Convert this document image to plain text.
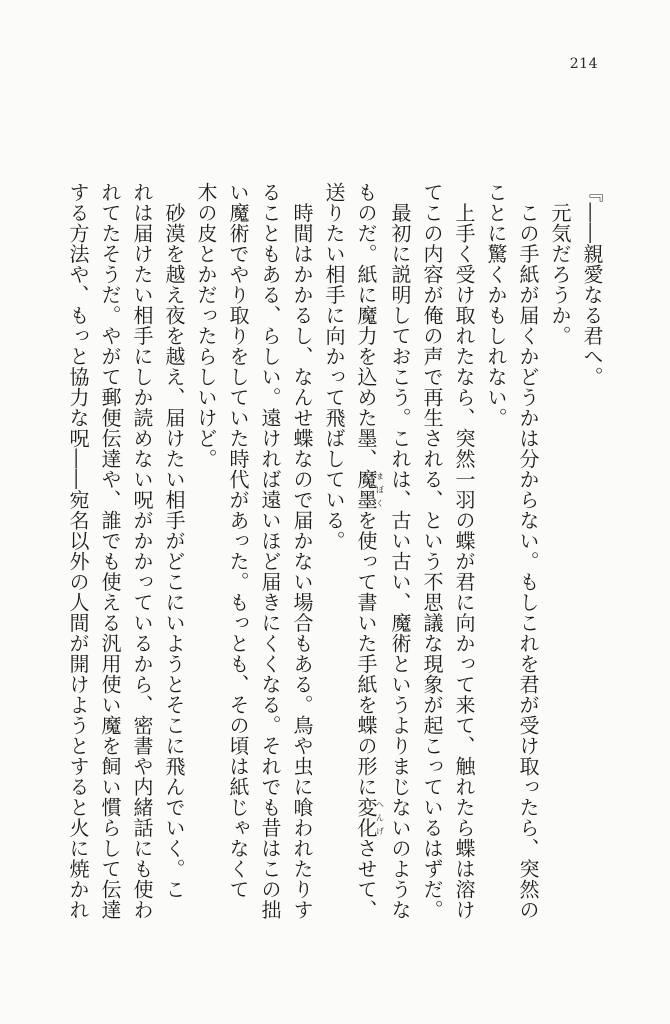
214

『――親愛なる君へ。

　元気だろうか。

　この手紙が届くかどうかは分からない。もしこれを君が受け取ったら、突然の

ことに驚くかもしれない。

　上手く受け取れたなら、突然一羽の蝶が君に向かって来て、触れたら蝶は溶け

てこの内容が俺の声で再生される、という不思議な現象が起こっているはずだ。

　最初に説明しておこう。これは、古い古い、魔術というよりまじないのような

ものだ。紙に魔力を込めた墨、魔墨まぼくを使って書いた手紙を蝶の形に変化へんげさせて、

送りたい相手に向かって飛ばしている。

　時間はかかるし、なんせ蝶なので届かない場合もある。鳥や虫に喰われたりす

ることもある、らしい。遠ければ遠いほど届きにくくなる。それでも昔はこの拙

い魔術でやり取りをしていた時代があった。もっとも、その頃は紙じゃなくて

木の皮とかだったらしいけど。

　砂漠を越え夜を越え、届けたい相手がどこにいようとそこに飛んでいく。こ

れは届けたい相手にしか読めない呪がかかっているから、密書や内緒話にも使わ

れてたそうだ。やがて郵便伝達や、誰でも使える汎用使い魔を飼い慣らして伝達

する方法や、もっと協力な呪――宛名以外の人間が開けようとすると火に焼かれ
